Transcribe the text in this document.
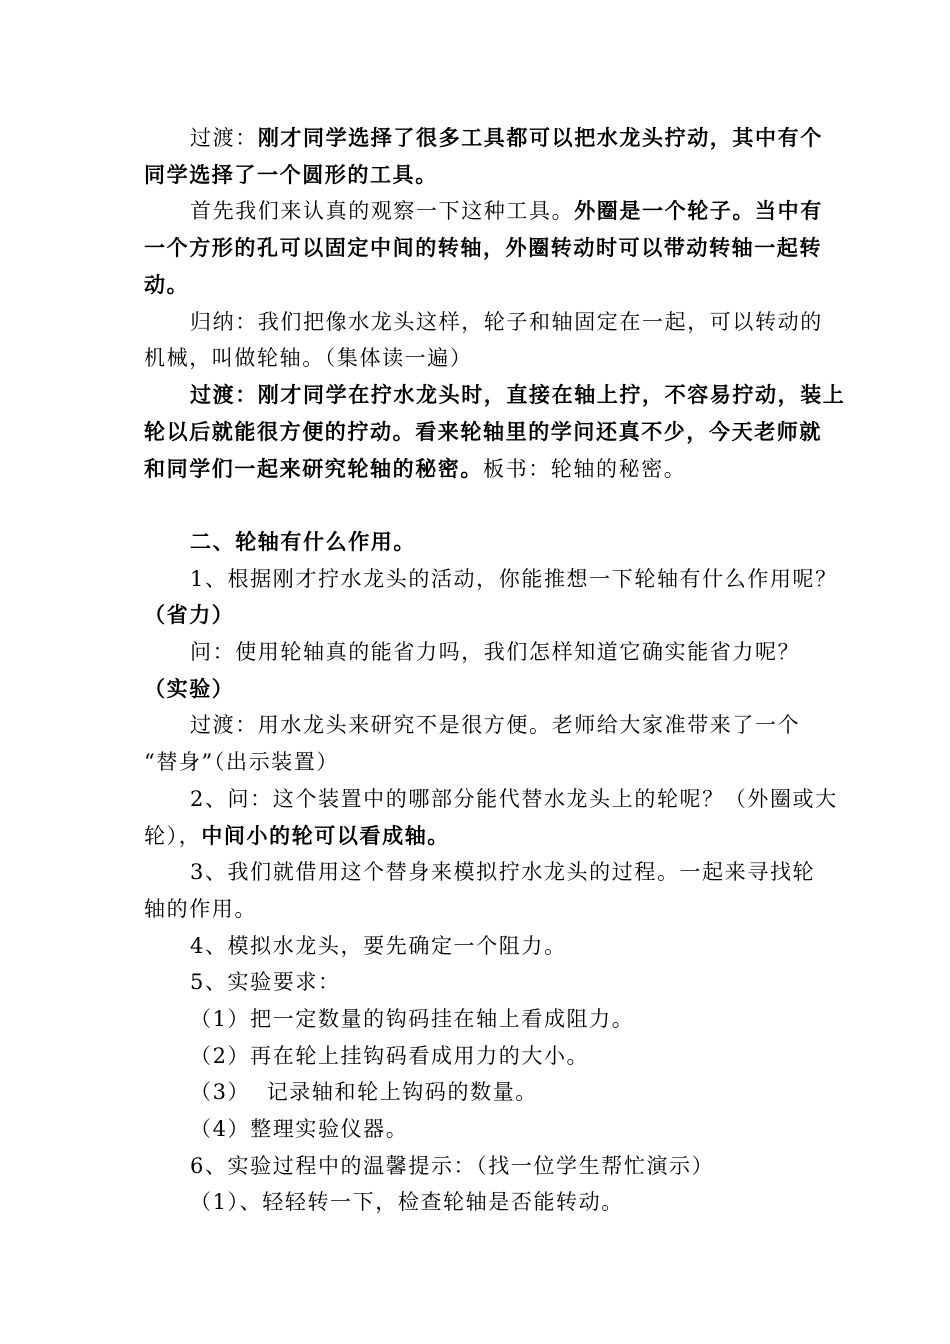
过渡：刚才同学选择了很多工具都可以把水龙头拧动，其中有个
同学选择了一个圆形的工具。
首先我们来认真的观察一下这种工具。外圈是一个轮子。当中有
一个方形的孔可以固定中间的转轴，外圈转动时可以带动转轴一起转
动。
归纳：我们把像水龙头这样，轮子和轴固定在一起，可以转动的
机械，叫做轮轴。（集体读一遍）
过渡：刚才同学在拧水龙头时，直接在轴上拧，不容易拧动，装上
轮以后就能很方便的拧动。看来轮轴里的学问还真不少，今天老师就
和同学们一起来研究轮轴的秘密。板书：轮轴的秘密。
二、轮轴有什么作用。
1、根据刚才拧水龙头的活动，你能推想一下轮轴有什么作用呢？
（省力）
问：使用轮轴真的能省力吗，我们怎样知道它确实能省力呢？
（实验）
过渡：用水龙头来研究不是很方便。老师给大家准带来了一个
“替身”（出示装置）
2、问：这个装置中的哪部分能代替水龙头上的轮呢？（外圈或大
轮），中间小的轮可以看成轴。
3、我们就借用这个替身来模拟拧水龙头的过程。一起来寻找轮
轴的作用。
4、模拟水龙头，要先确定一个阻力。
5、实验要求：
（1）把一定数量的钩码挂在轴上看成阻力。
（2）再在轮上挂钩码看成用力的大小。
（3）  记录轴和轮上钩码的数量。
（4）整理实验仪器。
6、实验过程中的温馨提示：（找一位学生帮忙演示）
（1）、轻轻转一下，检查轮轴是否能转动。
